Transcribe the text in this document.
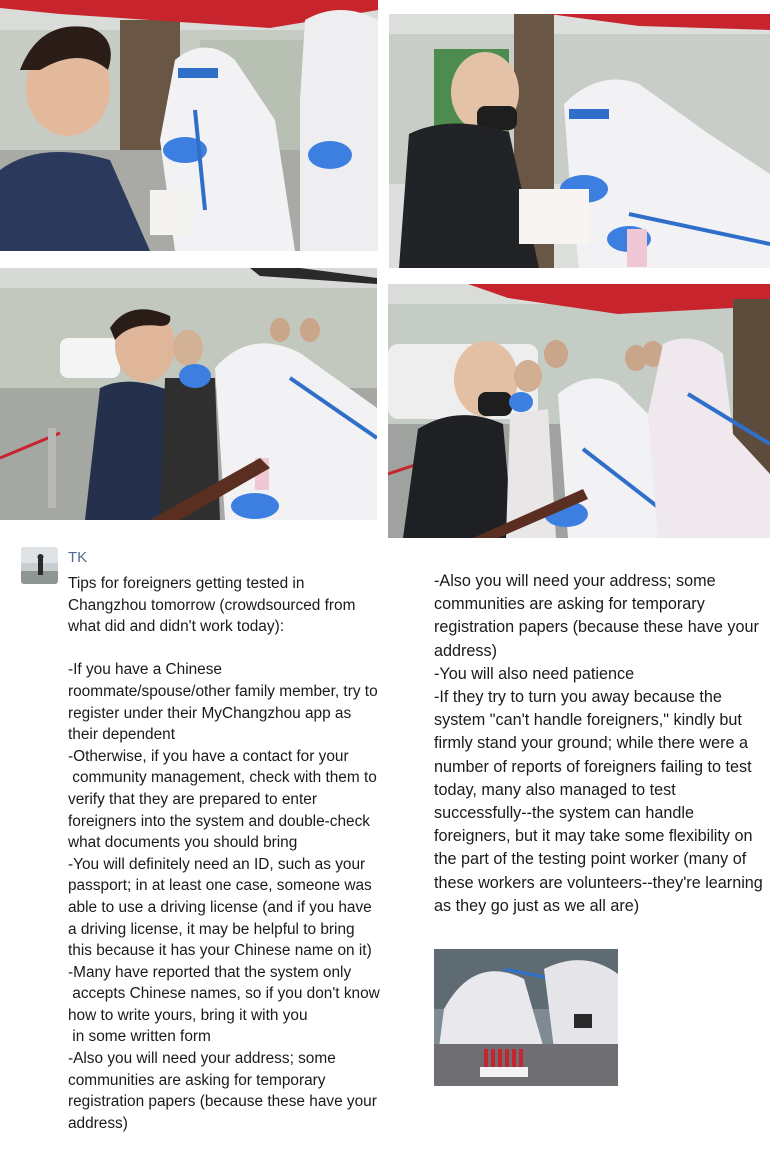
TK

Tips for foreigners getting tested in Changzhou tomorrow (crowdsourced from what did and didn't work today):

-If you have a Chinese roommate/spouse/other family member, try to register under their MyChangzhou app as their dependent
-Otherwise, if you have a contact for your
community management, check with them to verify that they are prepared to enter foreigners into the system and double-check what documents you should bring
-You will definitely need an ID, such as your passport; in at least one case, someone was able to use a driving license (and if you have a driving license, it may be helpful to bring this because it has your Chinese name on it)
-Many have reported that the system only
accepts Chinese names, so if you don't know how to write yours, bring it with you
in some written form
-Also you will need your address; some communities are asking for temporary registration papers (because these have your address)

-Also you will need your address; some communities are asking for temporary registration papers (because these have your address)
-You will also need patience
-If they try to turn you away because the system "can't handle foreigners," kindly but firmly stand your ground; while there were a number of reports of foreigners failing to test today, many also managed to test successfully--the system can handle foreigners, but it may take some flexibility on the part of the testing point worker (many of these workers are volunteers--they're learning as they go just as we all are)
